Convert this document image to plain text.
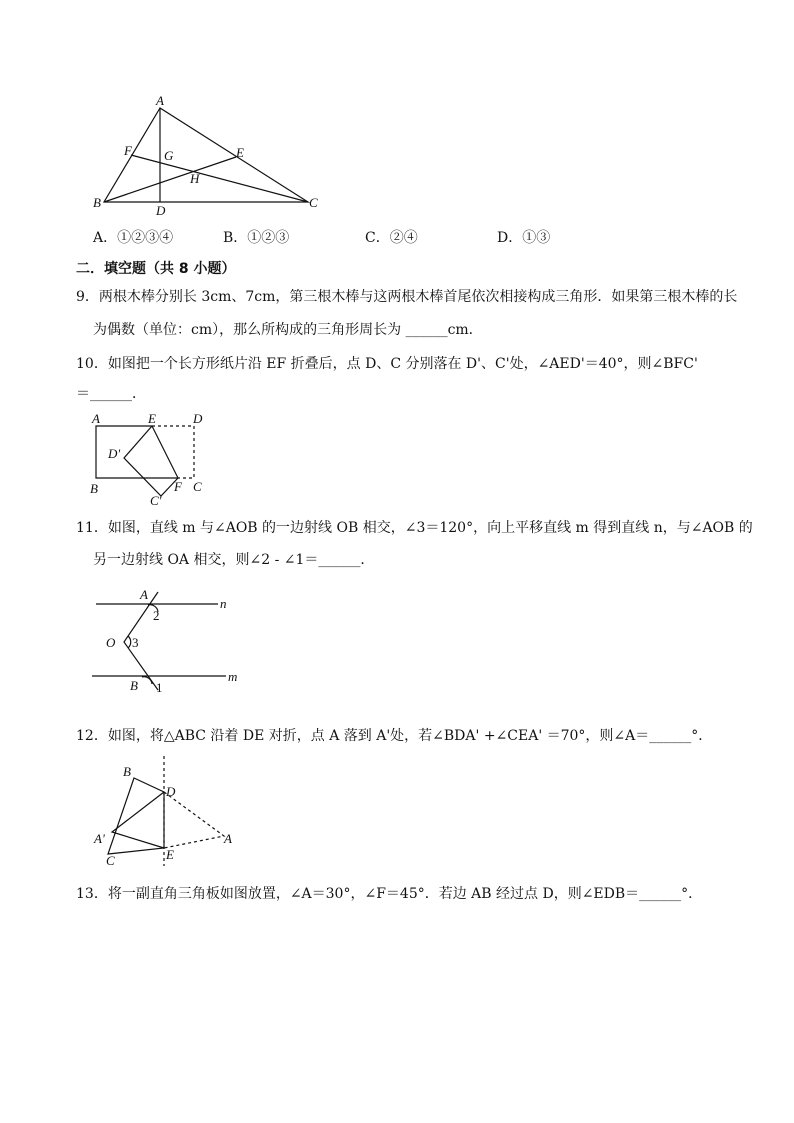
A
B	C
D
E
F G
H
A．①②③④	B．①②③	C．②④	D．①③
二．填空题（共 8 小题）
9．两根木棒分别长 3cm、7cm，第三根木棒与这两根木棒首尾依次相接构成三角形．如果第三根木棒的长
为偶数（单位：cm），那么所构成的三角形周长为 ______cm．
10．如图把一个长方形纸片沿 EF 折叠后，点 D、C 分别落在 D'、C'处，∠AED'＝40°，则∠BFC'
＝______．
A	E	D
D'
B
C'
F C
11．如图，直线 m 与∠AOB 的一边射线 OB 相交，∠3＝120°，向上平移直线 m 得到直线 n，与∠AOB 的
另一边射线 OA 相交，则∠2 - ∠1＝______．
A
n
2
O 3
B 1
m
12．如图，将△ABC 沿着 DE 对折，点 A 落到 A'处，若∠BDA' +∠CEA' ＝70°，则∠A＝______°．
B
D
A'	A
C	E
13．将一副直角三角板如图放置，∠A＝30°，∠F＝45°．若边 AB 经过点 D，则∠EDB＝______°．
